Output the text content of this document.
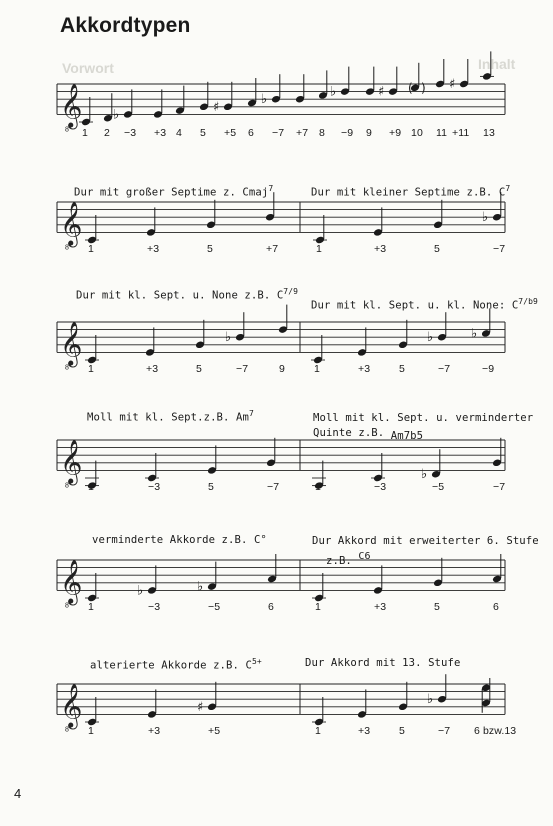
Akkordtypen
Vorwort	Inhalt
𝄞
8
♭
♯
♭
♭	♯
♯
( )
𝄞
8
♭
𝄞
8
♭	♭	♭
𝄞
8
♭
𝄞
8
♭	♭
𝄞
8
♯
♭
1 2 −3 +3 4 5 +5 6 −7 +7 8 −9 9 +9 10 11 +11 13
Dur mit großer Septime z. Cmaj$^7$	Dur mit kleiner Septime z.B. $C^7$
Dur mit kl. Sept. u. None z.B. $C^{7/9}$
Dur mit kl. Sept. u. kl. None: $C^{7/b9}$
Moll mit kl. Sept.z.B. Am$^7$	Moll mit kl. Sept. u. verminderter
Quinte z.B. Am7b5
verminderte Akkorde z.B. C°	Dur Akkord mit erweiterter 6. Stufe
z.B. $^{C6}$
alterierte Akkorde z.B. $C^{5+}$	Dur Akkord mit 13. Stufe
1	+3	5	+7	1	+3	5	−7
1	+3	5	−7	9	1	+3	5	−7	−9
1	−3	5	−7	1	−3	−5	−7
1	−3	−5	6	1	+3	5	6
1	+3	+5	1	+3	5	−7 6 bzw.13
4
